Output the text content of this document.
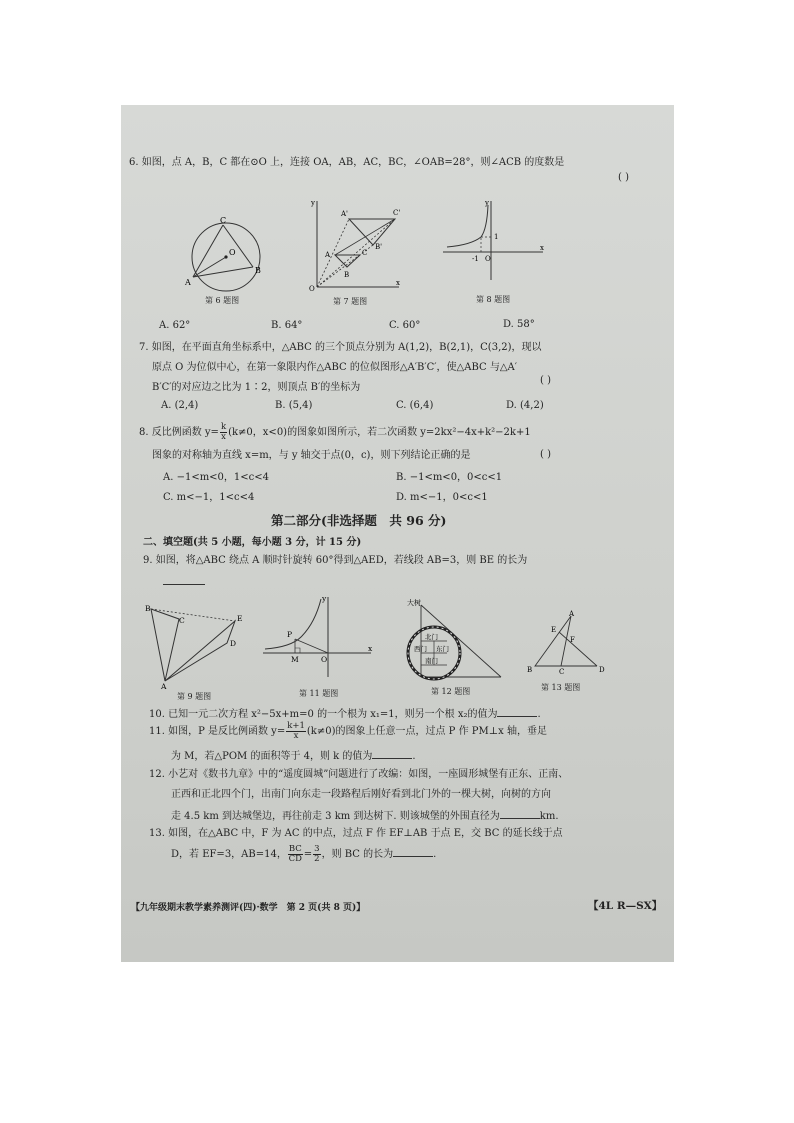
6. 如图，点 A，B，C 都在⊙O 上，连接 OA，AB，AC，BC，∠OAB=28°，则∠ACB 的度数是
( )
C
O
A
B
第 6 题图
y
A'	C'
A	C
B'
B
O
x
第 7 题图
y
1
-1 O
x
第 8 题图
A. 62°	B. 64°	C. 60°	D. 58°
7. 如图，在平面直角坐标系中，△ABC 的三个顶点分别为 A(1,2)，B(2,1)，C(3,2)，现以
原点 O 为位似中心，在第一象限内作△ABC 的位似图形△A′B′C′，使△ABC 与△A′
B′C′的对应边之比为 1∶2，则顶点 B′的坐标为
( )
A. (2,4)	B. (5,4)	C. (6,4)	D. (4,2)
8. 反比例函数 $y= \frac{k}{x} (k\ne 0$，x<0)的图象如图所示，若二次函数 y=2kx²−4x+k²−2k+1
图象的对称轴为直线 x=m，与 y 轴交于点(0，c)，则下列结论正确的是	( )
A. −1<m<0，1<c<4	B. −1<m<0，0<c<1
C. m<−1，1<c<4	D. m<−1，0<c<1
第二部分(非选择题　共 96 分)
二、填空题(共 5 小题，每小题 3 分，计 15 分)
9. 如图，将△ABC 绕点 A 顺时针旋转 60°得到△AED，若线段 AB=3，则 BE 的长为
B
C	E
D
A
第 9 题图
y
P
M	O
x
第 11 题图
大树
北门
西门 东门
南门
第 12 题图
A
E
F
B	C	D
第 13 题图
10. 已知一元二次方程 x²−5x+m=0 的一个根为 x₁=1，则另一个根 x₂的值为	.
11. 如图，P 是反比例函数 $y= \frac{k+1}{x} (k\ne 0)$的图象上任意一点，过点 P 作 PM⊥x 轴，垂足
为 M，若△POM 的面积等于 4，则 k 的值为	.
12. 小艺对《数书九章》中的“遥度圆城”问题进行了改编：如图，一座圆形城堡有正东、正南、
正西和正北四个门，出南门向东走一段路程后刚好看到北门外的一棵大树，向树的方向
走 4.5 km 到达城堡边，再往前走 3 km 到达树下. 则该城堡的外围直径为	km.
13. 如图，在△ABC 中，F 为 AC 的中点，过点 F 作 EF⊥AB 于点 E，交 BC 的延长线于点
D，若 EF=3，AB=14， $\frac{BC}{CD} = \frac{3}{2}$ ，则 BC 的长为	.
【九年级期末教学素养测评(四)·数学　第 2 页(共 8 页)】	【4L R—SX】
